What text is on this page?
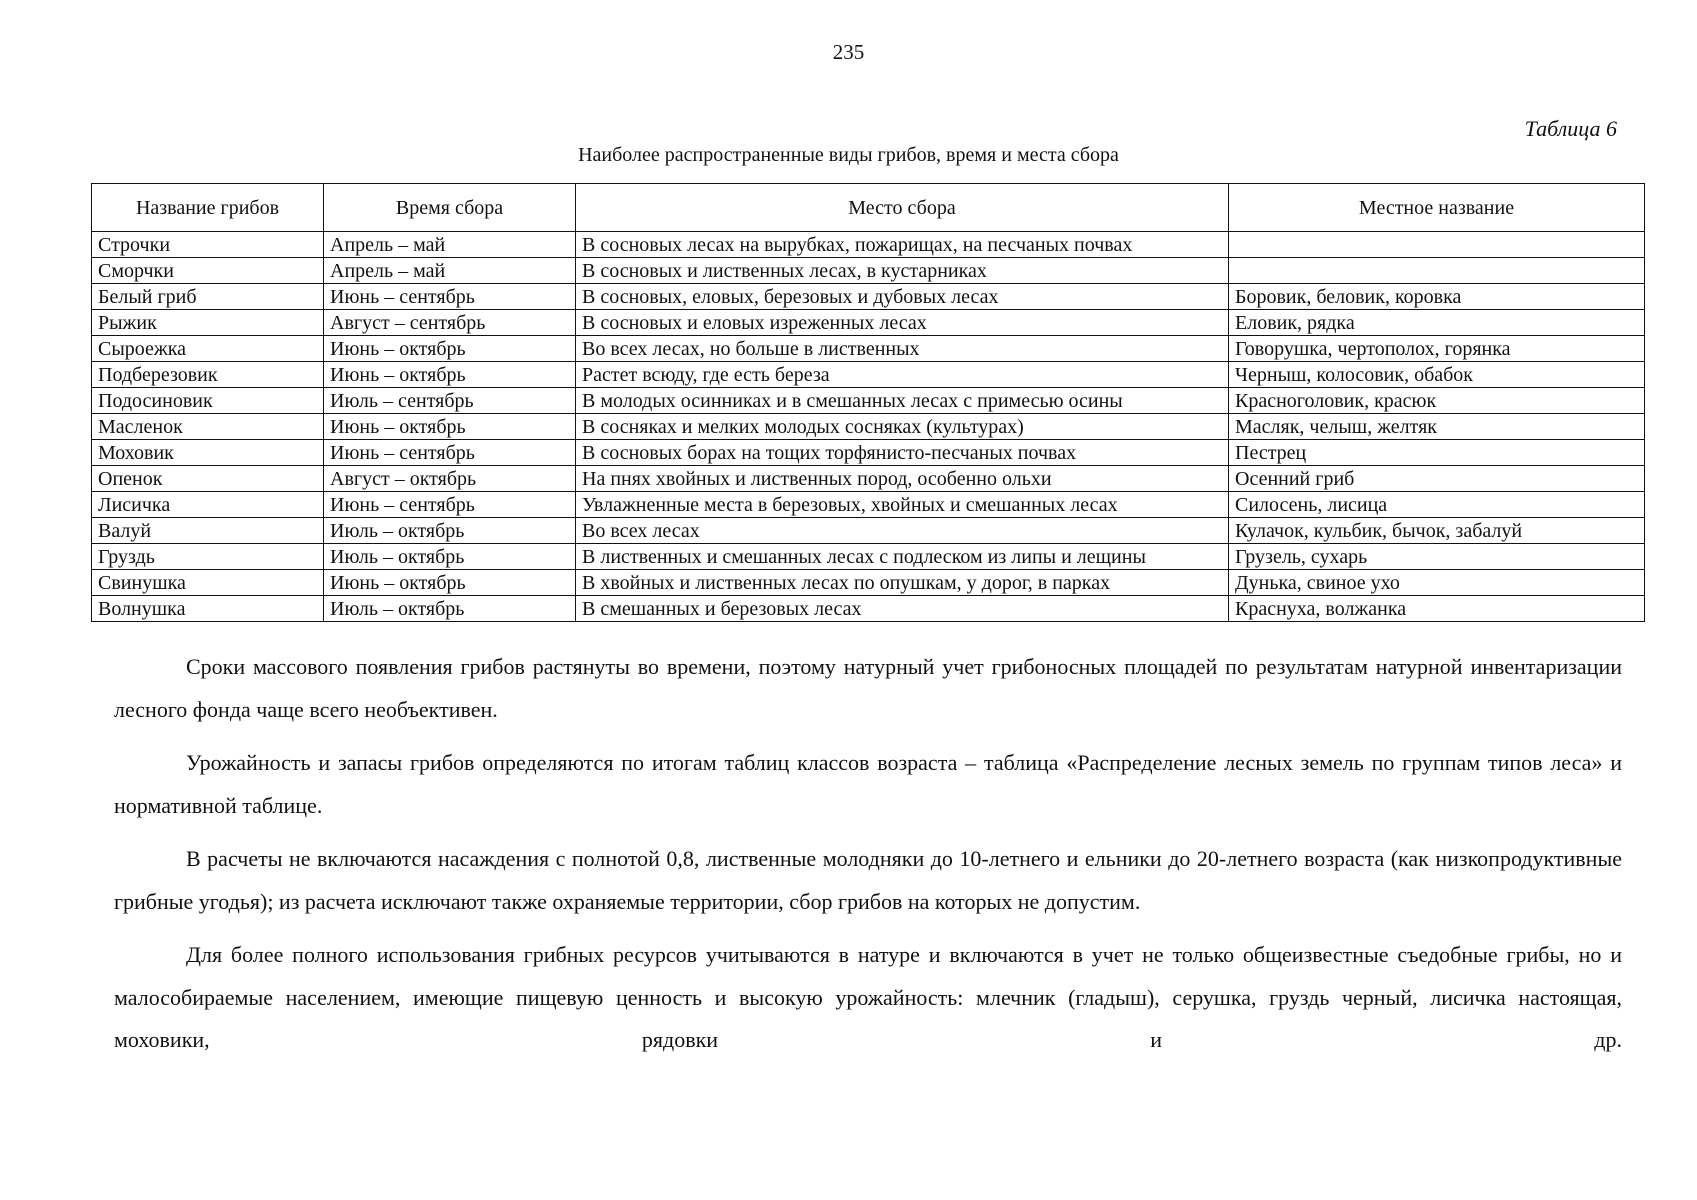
235
Таблица 6
Наиболее распространенные виды грибов, время и места сбора
Название грибов	Время сбора	Место сбора	Местное название
Строчки	Апрель – май	В сосновых лесах на вырубках, пожарищах, на песчаных почвах	
Сморчки	Апрель – май	В сосновых и лиственных лесах, в кустарниках	
Белый гриб	Июнь – сентябрь	В сосновых, еловых, березовых и дубовых лесах	Боровик, беловик, коровка
Рыжик	Август – сентябрь	В сосновых и еловых изреженных лесах	Еловик, рядка
Сыроежка	Июнь – октябрь	Во всех лесах, но больше в лиственных	Говорушка, чертополох, горянка
Подберезовик	Июнь – октябрь	Растет всюду, где есть береза	Черныш, колосовик, обабок
Подосиновик	Июль – сентябрь	В молодых осинниках и в смешанных лесах с примесью осины	Красноголовик, красюк
Масленок	Июнь – октябрь	В сосняках и мелких молодых сосняках (культурах)	Масляк, челыш, желтяк
Моховик	Июнь – сентябрь	В сосновых борах на тощих торфянисто-песчаных почвах	Пестрец
Опенок	Август – октябрь	На пнях хвойных и лиственных пород, особенно ольхи	Осенний гриб
Лисичка	Июнь – сентябрь	Увлажненные места в березовых, хвойных и смешанных лесах	Силосень, лисица
Валуй	Июль – октябрь	Во всех лесах	Кулачок, кульбик, бычок, забалуй
Груздь	Июль – октябрь	В лиственных и смешанных лесах с подлеском из липы и лещины	Грузель, сухарь
Свинушка	Июнь – октябрь	В хвойных и лиственных лесах по опушкам, у дорог, в парках	Дунька, свиное ухо
Волнушка	Июль – октябрь	В смешанных и березовых лесах	Краснуха, волжанка

Сроки массового появления грибов растянуты во времени, поэтому натурный учет грибоносных площадей по результатам натурной инвентаризации лесного фонда чаще всего необъективен.

Урожайность и запасы грибов определяются по итогам таблиц классов возраста – таблица «Распределение лесных земель по группам типов леса» и нормативной таблице.

В расчеты не включаются насаждения с полнотой 0,8, лиственные молодняки до 10-летнего и ельники до 20-летнего возраста (как низкопродуктивные грибные угодья); из расчета исключают также охраняемые территории, сбор грибов на которых не допустим.

Для более полного использования грибных ресурсов учитываются в натуре и включаются в учет не только общеизвестные съедобные грибы, но и малособираемые населением, имеющие пищевую ценность и высокую урожайность: млечник (гладыш), серушка, груздь черный, лисичка настоящая, моховики, рядовки и др.
